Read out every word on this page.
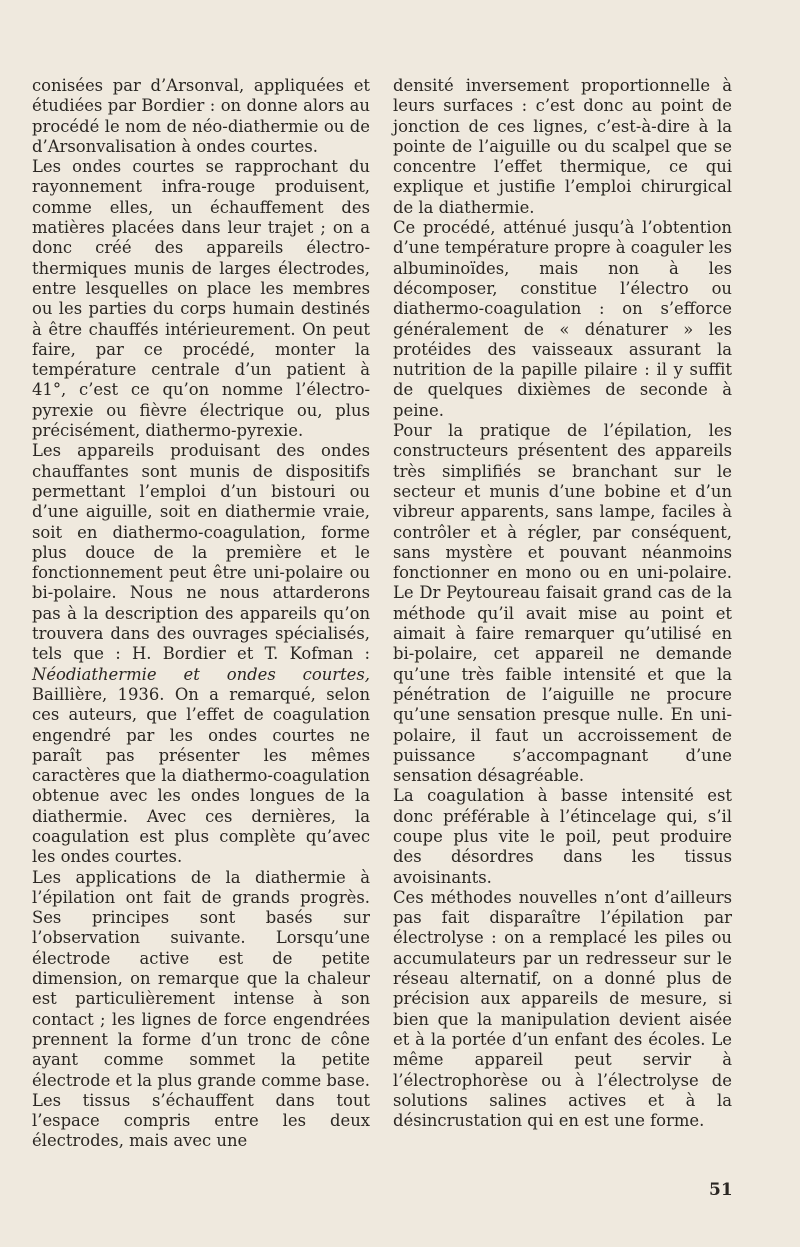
conisées par d’Arsonval, appliquées et étudiées par Bordier : on donne alors au procédé le nom de néo-diathermie ou de d’Arsonvalisation à ondes courtes.

Les ondes courtes se rapprochant du rayonnement infra-rouge produisent, comme elles, un échauffement des matières placées dans leur trajet ; on a donc créé des appareils électro-thermiques munis de larges électrodes, entre lesquelles on place les membres ou les parties du corps humain destinés à être chauffés intérieurement. On peut faire, par ce procédé, monter la température centrale d’un patient à 41°, c’est ce qu’on nomme l’électro-pyrexie ou fièvre électrique ou, plus précisément, diathermo-pyrexie.

Les appareils produisant des ondes chauffantes sont munis de dispositifs permettant l’emploi d’un bistouri ou d’une aiguille, soit en diathermie vraie, soit en diathermo-coagulation, forme plus douce de la première et le fonctionnement peut être uni-polaire ou bi-polaire. Nous ne nous attarderons pas à la description des appareils qu’on trouvera dans des ouvrages spécialisés, tels que : H. Bordier et T. Kofman : Néodiathermie et ondes courtes, Baillière, 1936. On a remarqué, selon ces auteurs, que l’effet de coagulation engendré par les ondes courtes ne paraît pas présenter les mêmes caractères que la diathermo-coagulation obtenue avec les ondes longues de la diathermie. Avec ces dernières, la coagulation est plus complète qu’avec les ondes courtes.

Les applications de la diathermie à l’épilation ont fait de grands progrès. Ses principes sont basés sur l’observation suivante. Lorsqu’une électrode active est de petite dimension, on remarque que la chaleur est particulièrement intense à son contact ; les lignes de force engendrées prennent la forme d’un tronc de cône ayant comme sommet la petite électrode et la plus grande comme base. Les tissus s’échauffent dans tout l’espace compris entre les deux électrodes, mais avec une

densité inversement proportionnelle à leurs surfaces : c’est donc au point de jonction de ces lignes, c’est-à-dire à la pointe de l’aiguille ou du scalpel que se concentre l’effet thermique, ce qui explique et justifie l’emploi chirurgical de la diathermie.

Ce procédé, atténué jusqu’à l’obtention d’une température propre à coaguler les albuminoïdes, mais non à les décomposer, constitue l’électro ou diathermo-coagulation : on s’efforce généralement de « dénaturer » les protéides des vaisseaux assurant la nutrition de la papille pilaire : il y suffit de quelques dixièmes de seconde à peine.

Pour la pratique de l’épilation, les constructeurs présentent des appareils très simplifiés se branchant sur le secteur et munis d’une bobine et d’un vibreur apparents, sans lampe, faciles à contrôler et à régler, par conséquent, sans mystère et pouvant néanmoins fonctionner en mono ou en uni-polaire. Le Dr Peytoureau faisait grand cas de la méthode qu’il avait mise au point et aimait à faire remarquer qu’utilisé en bi-polaire, cet appareil ne demande qu’une très faible intensité et que la pénétration de l’aiguille ne procure qu’une sensation presque nulle. En uni-polaire, il faut un accroissement de puissance s’accompagnant d’une sensation désagréable.

La coagulation à basse intensité est donc préférable à l’étincelage qui, s’il coupe plus vite le poil, peut produire des désordres dans les tissus avoisinants.

Ces méthodes nouvelles n’ont d’ailleurs pas fait disparaître l’épilation par électrolyse : on a remplacé les piles ou accumulateurs par un redresseur sur le réseau alternatif, on a donné plus de précision aux appareils de mesure, si bien que la manipulation devient aisée et à la portée d’un enfant des écoles. Le même appareil peut servir à l’électrophorèse ou à l’électrolyse de solutions salines actives et à la désincrustation qui en est une forme.

51
